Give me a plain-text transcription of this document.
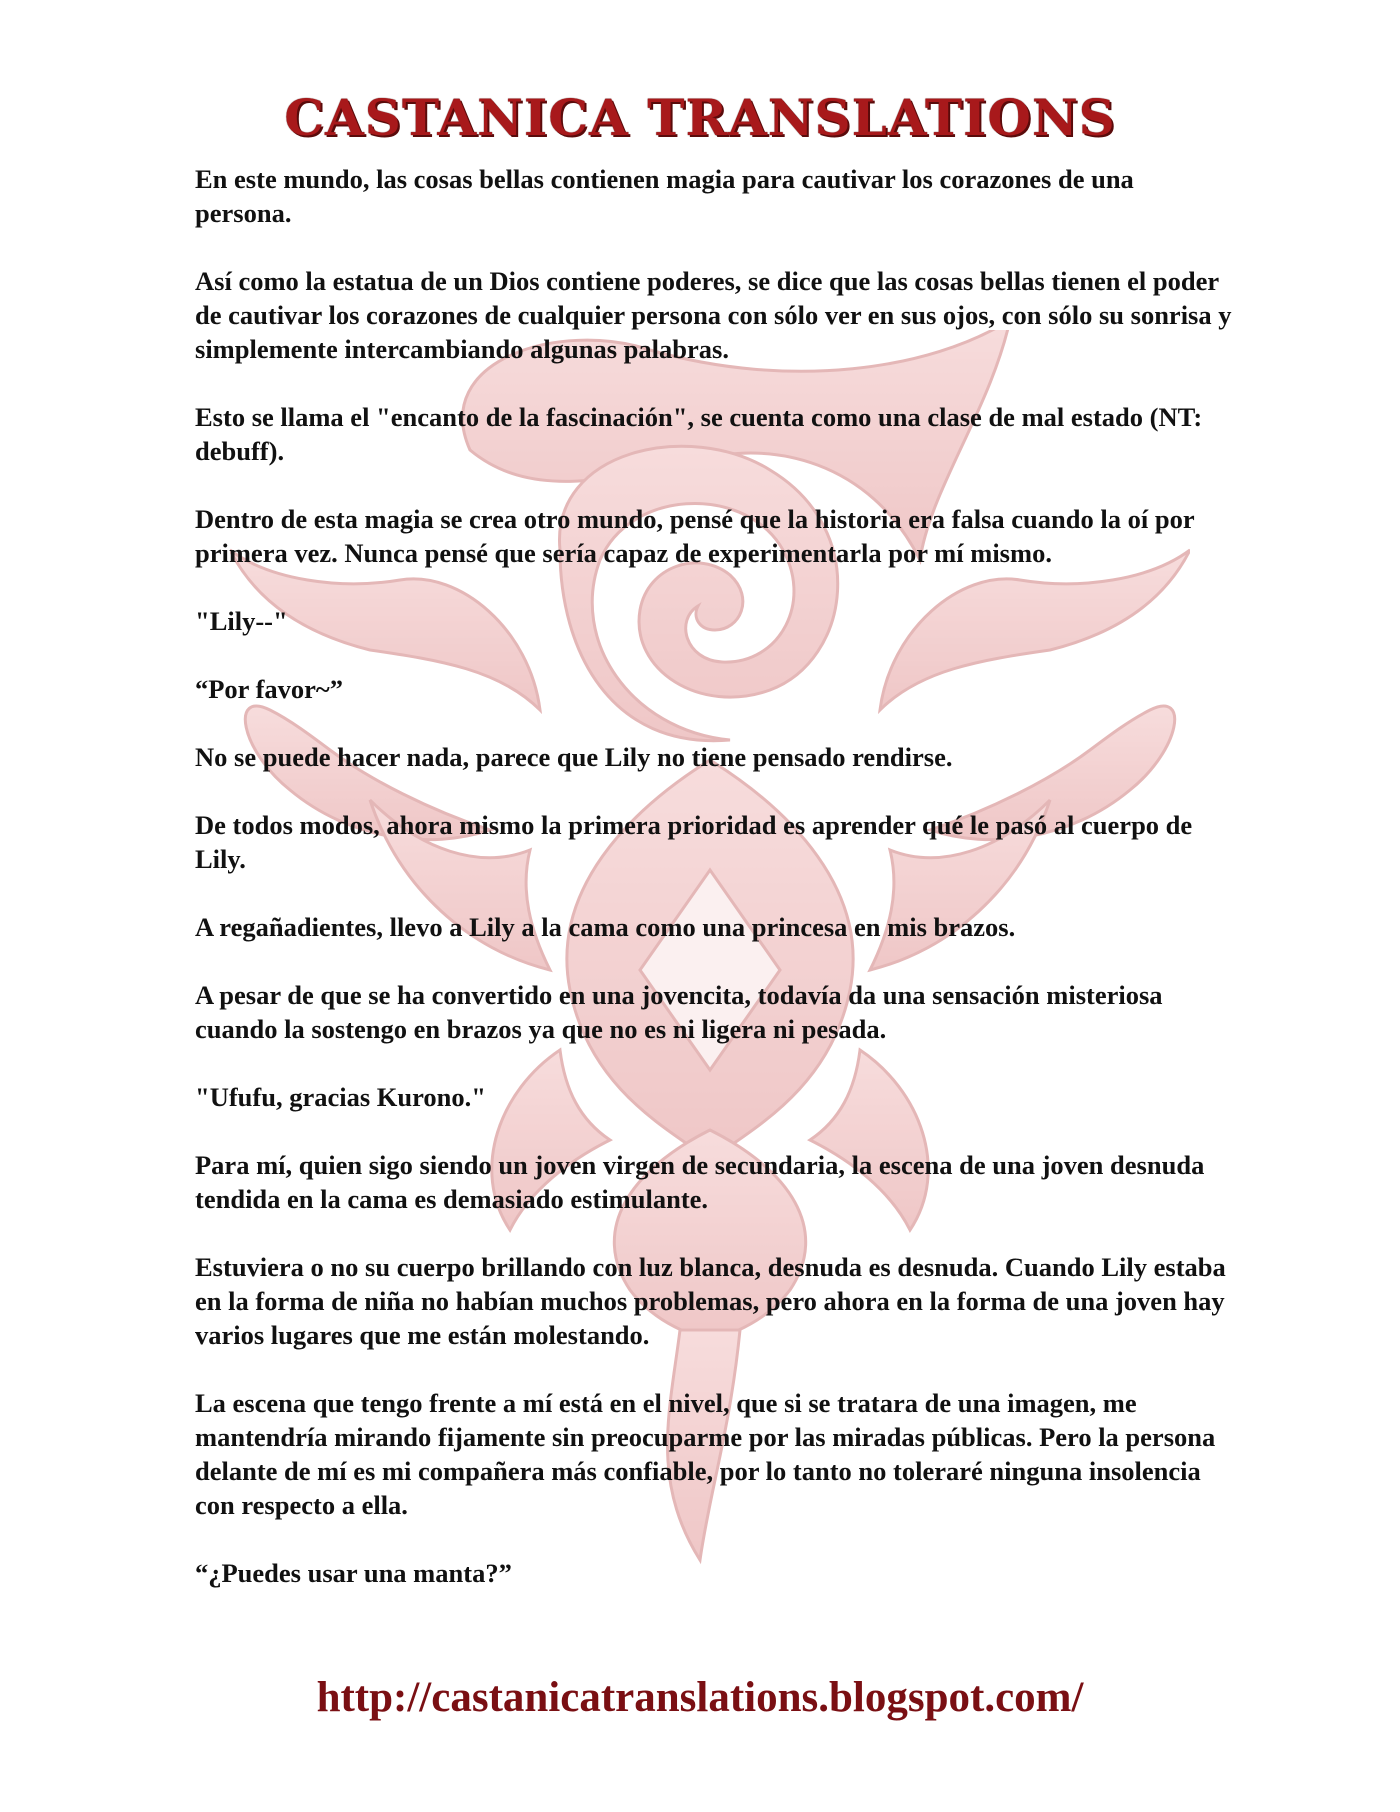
CASTANICA TRANSLATIONS

En este mundo, las cosas bellas contienen magia para cautivar los corazones de una persona.

Así como la estatua de un Dios contiene poderes, se dice que las cosas bellas tienen el poder de cautivar los corazones de cualquier persona con sólo ver en sus ojos, con sólo su sonrisa y simplemente intercambiando algunas palabras.

Esto se llama el "encanto de la fascinación", se cuenta como una clase de mal estado (NT: debuff).

Dentro de esta magia se crea otro mundo, pensé que la historia era falsa cuando la oí por primera vez. Nunca pensé que sería capaz de experimentarla por mí mismo.

"Lily--"

“Por favor~”

No se puede hacer nada, parece que Lily no tiene pensado rendirse.

De todos modos, ahora mismo la primera prioridad es aprender qué le pasó al cuerpo de Lily.

A regañadientes, llevo a Lily a la cama como una princesa en mis brazos.

A pesar de que se ha convertido en una jovencita, todavía da una sensación misteriosa cuando la sostengo en brazos ya que no es ni ligera ni pesada.

"Ufufu, gracias Kurono."

Para mí, quien sigo siendo un joven virgen de secundaria, la escena de una joven desnuda tendida en la cama es demasiado estimulante.

Estuviera o no su cuerpo brillando con luz blanca, desnuda es desnuda. Cuando Lily estaba en la forma de niña no habían muchos problemas, pero ahora en la forma de una joven hay varios lugares que me están molestando.

La escena que tengo frente a mí está en el nivel, que si se tratara de una imagen, me mantendría mirando fijamente sin preocuparme por las miradas públicas. Pero la persona delante de mí es mi compañera más confiable, por lo tanto no toleraré ninguna insolencia con respecto a ella.

“¿Puedes usar una manta?”

http://castanicatranslations.blogspot.com/
